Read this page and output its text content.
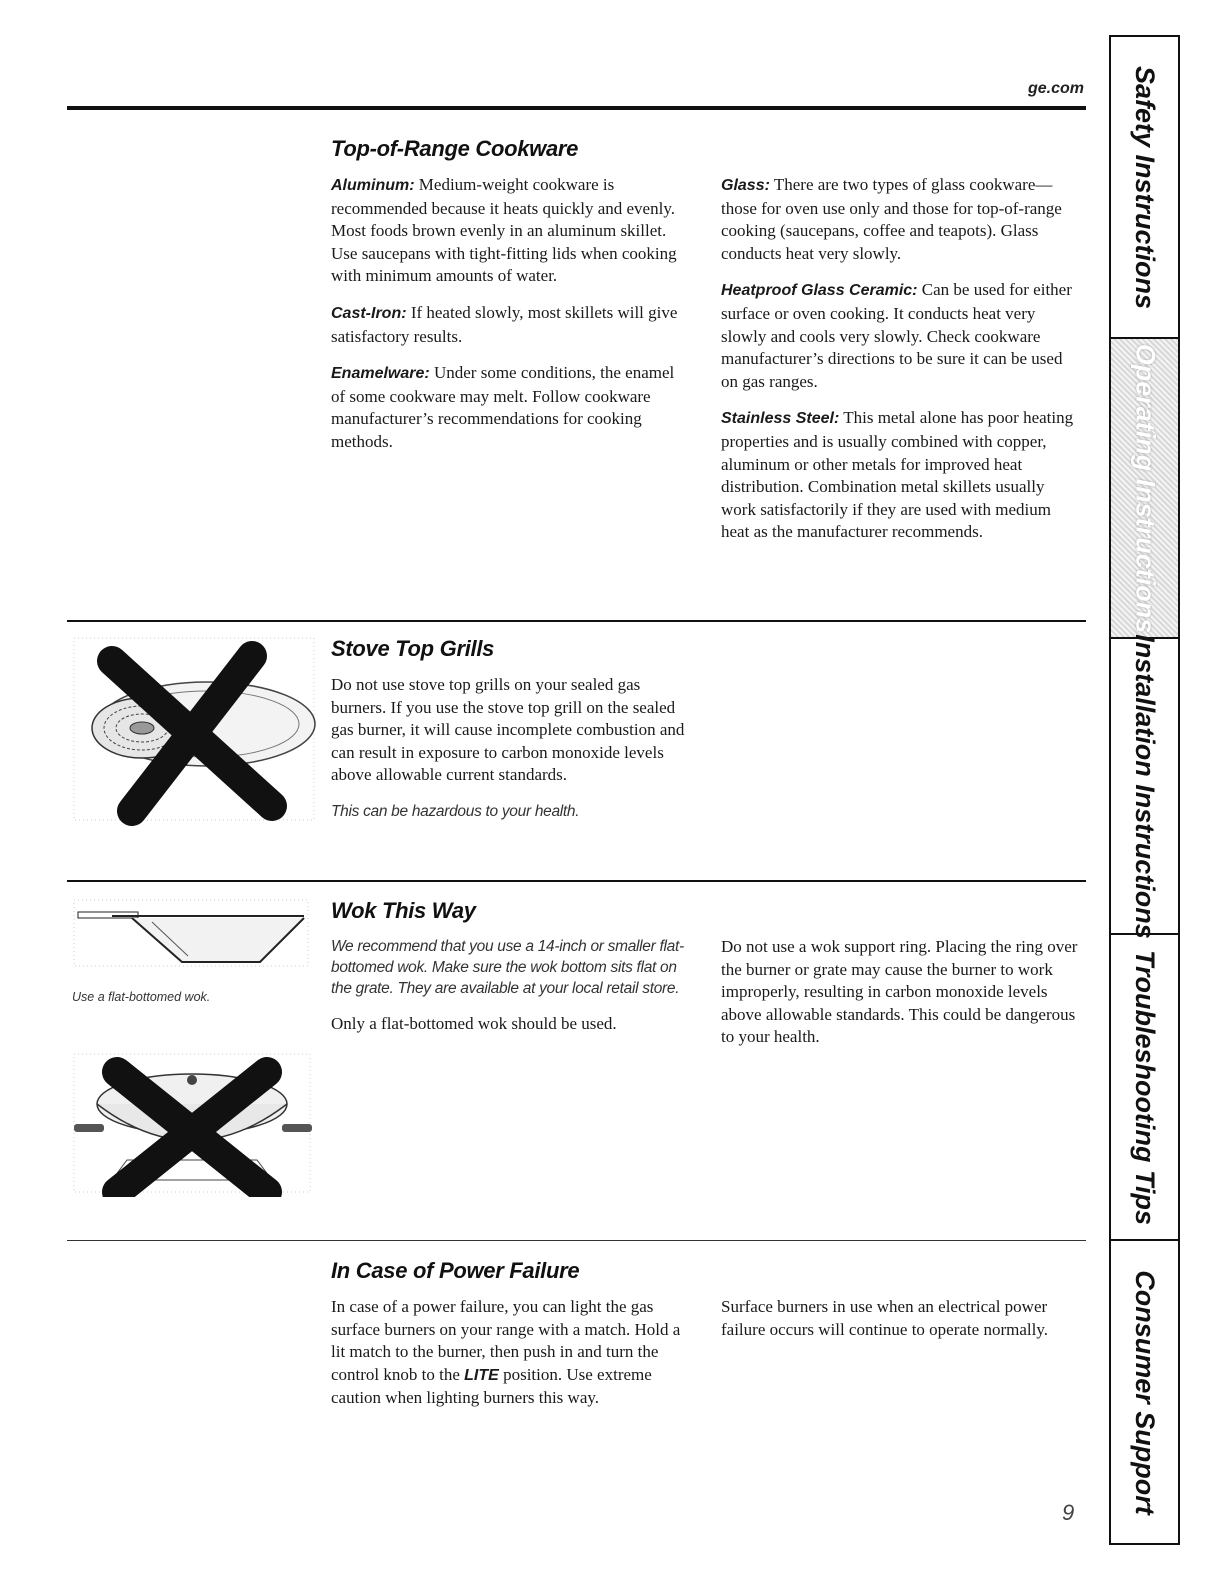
ge.com
Top-of-Range Cookware

Aluminum: Medium-weight cookware is recommended because it heats quickly and evenly. Most foods brown evenly in an aluminum skillet. Use saucepans with tight-fitting lids when cooking with minimum amounts of water.

Cast-Iron: If heated slowly, most skillets will give satisfactory results.

Enamelware: Under some conditions, the enamel of some cookware may melt. Follow cookware manufacturer’s recommendations for cooking methods.

Glass: There are two types of glass cookware—those for oven use only and those for top-of-range cooking (saucepans, coffee and teapots). Glass conducts heat very slowly.

Heatproof Glass Ceramic: Can be used for either surface or oven cooking. It conducts heat very slowly and cools very slowly. Check cookware manufacturer’s directions to be sure it can be used on gas ranges.

Stainless Steel: This metal alone has poor heating properties and is usually combined with copper, aluminum or other metals for improved heat distribution. Combination metal skillets usually work satisfactorily if they are used with medium heat as the manufacturer recommends.

Stove Top Grills

Do not use stove top grills on your sealed gas burners. If you use the stove top grill on the sealed gas burner, it will cause incomplete combustion and can result in exposure to carbon monoxide levels above allowable current standards.

This can be hazardous to your health.

Use a flat-bottomed wok.
Wok This Way

We recommend that you use a 14-inch or smaller flat-bottomed wok. Make sure the wok bottom sits flat on the grate. They are available at your local retail store.

Only a flat-bottomed wok should be used.

Do not use a wok support ring. Placing the ring over the burner or grate may cause the burner to work improperly, resulting in carbon monoxide levels above allowable standards. This could be dangerous to your health.

In Case of Power Failure

In case of a power failure, you can light the gas surface burners on your range with a match. Hold a lit match to the burner, then push in and turn the control knob to the LITE position. Use extreme caution when lighting burners this way.

Surface burners in use when an electrical power failure occurs will continue to operate normally.

9
Safety Instructions
Operating Instructions
Installation Instructions
Troubleshooting Tips
Consumer Support
